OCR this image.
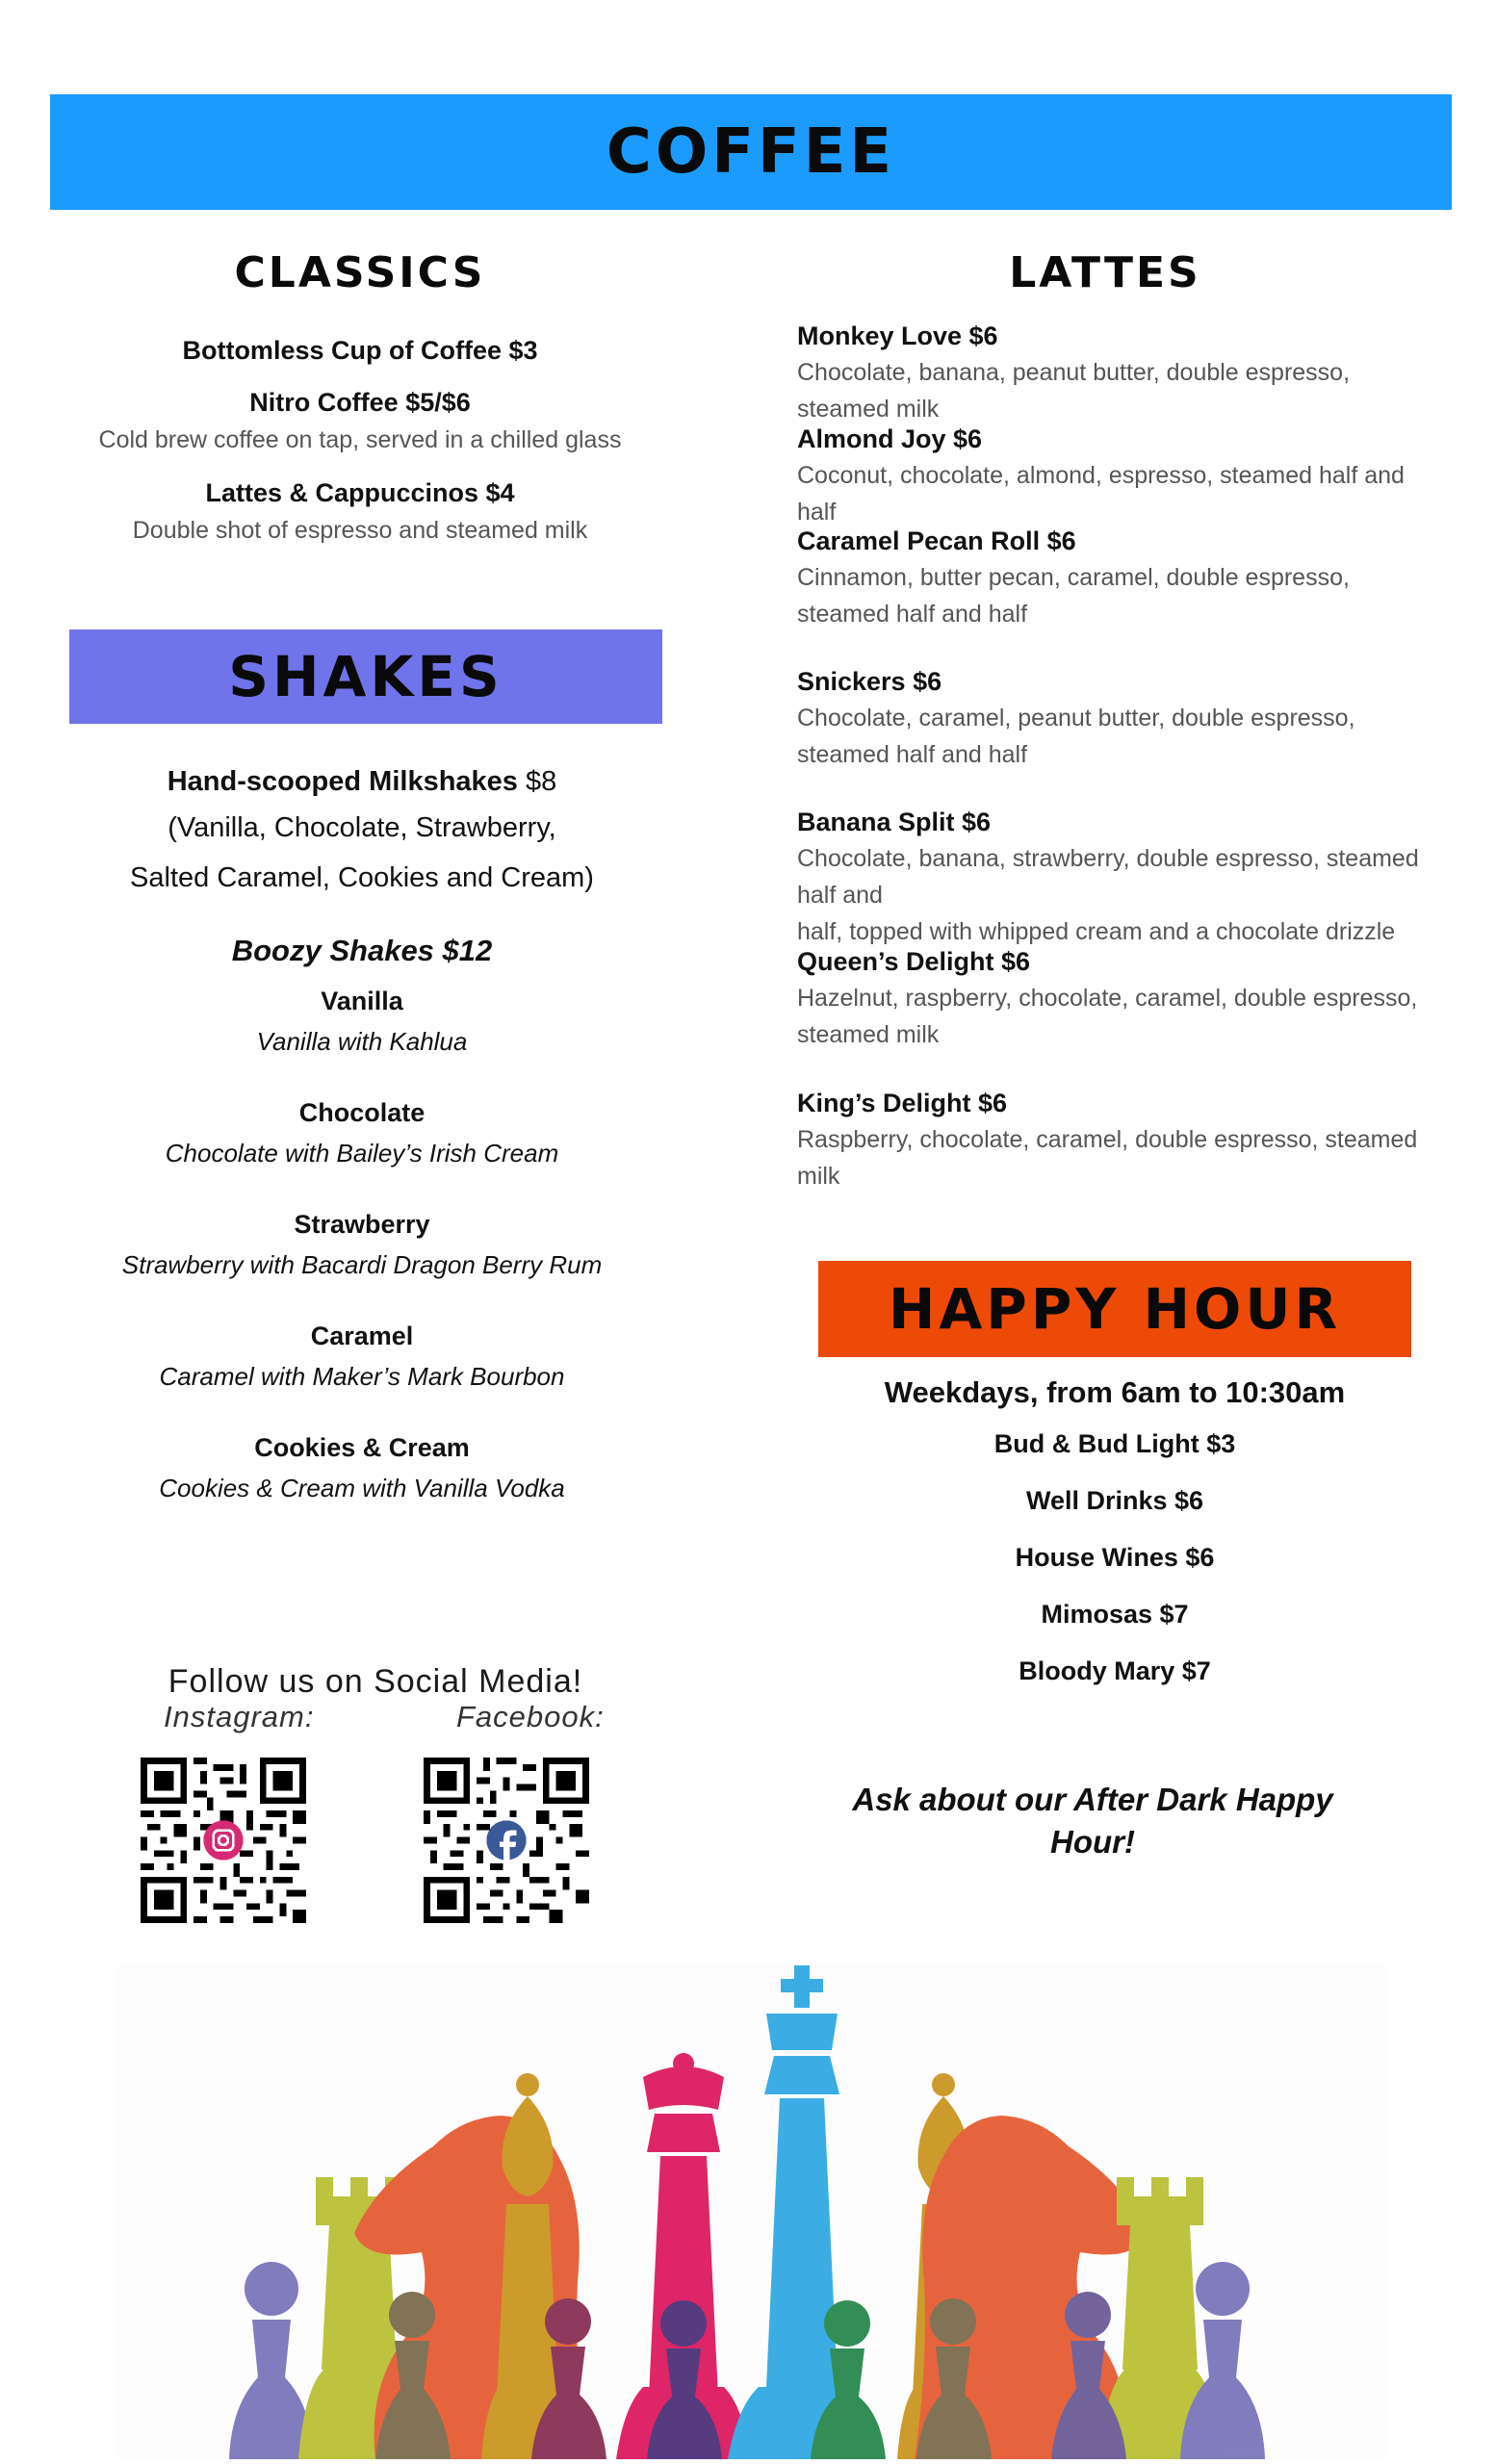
COFFEE
CLASSICS
Bottomless Cup of Coffee $3
Nitro Coffee $5/$6
Cold brew coffee on tap, served in a chilled glass
Lattes & Cappuccinos $4
Double shot of espresso and steamed milk
SHAKES
Hand-scooped Milkshakes $8
(Vanilla, Chocolate, Strawberry,
Salted Caramel, Cookies and Cream)
Boozy Shakes $12
Vanilla
Vanilla with Kahlua
Chocolate
Chocolate with Bailey’s Irish Cream
Strawberry
Strawberry with Bacardi Dragon Berry Rum
Caramel
Caramel with Maker’s Mark Bourbon
Cookies & Cream
Cookies & Cream with Vanilla Vodka
LATTES
Monkey Love $6
Chocolate, banana, peanut butter, double espresso, steamed milk
Almond Joy $6
Coconut, chocolate, almond, espresso, steamed half and half
Caramel Pecan Roll $6
Cinnamon, butter pecan, caramel, double espresso,
steamed half and half
Snickers $6
Chocolate, caramel, peanut butter, double espresso,
steamed half and half
Banana Split $6
Chocolate, banana, strawberry, double espresso, steamed half and
half, topped with whipped cream and a chocolate drizzle
Queen’s Delight $6
Hazelnut, raspberry, chocolate, caramel, double espresso,
steamed milk
King’s Delight $6
Raspberry, chocolate, caramel, double espresso, steamed milk
HAPPY HOUR
Weekdays, from 6am to 10:30am
Bud & Bud Light $3
Well Drinks $6
House Wines $6
Mimosas $7
Bloody Mary $7
Ask about our After Dark Happy Hour!
Follow us on Social Media!
Instagram:	Facebook:
